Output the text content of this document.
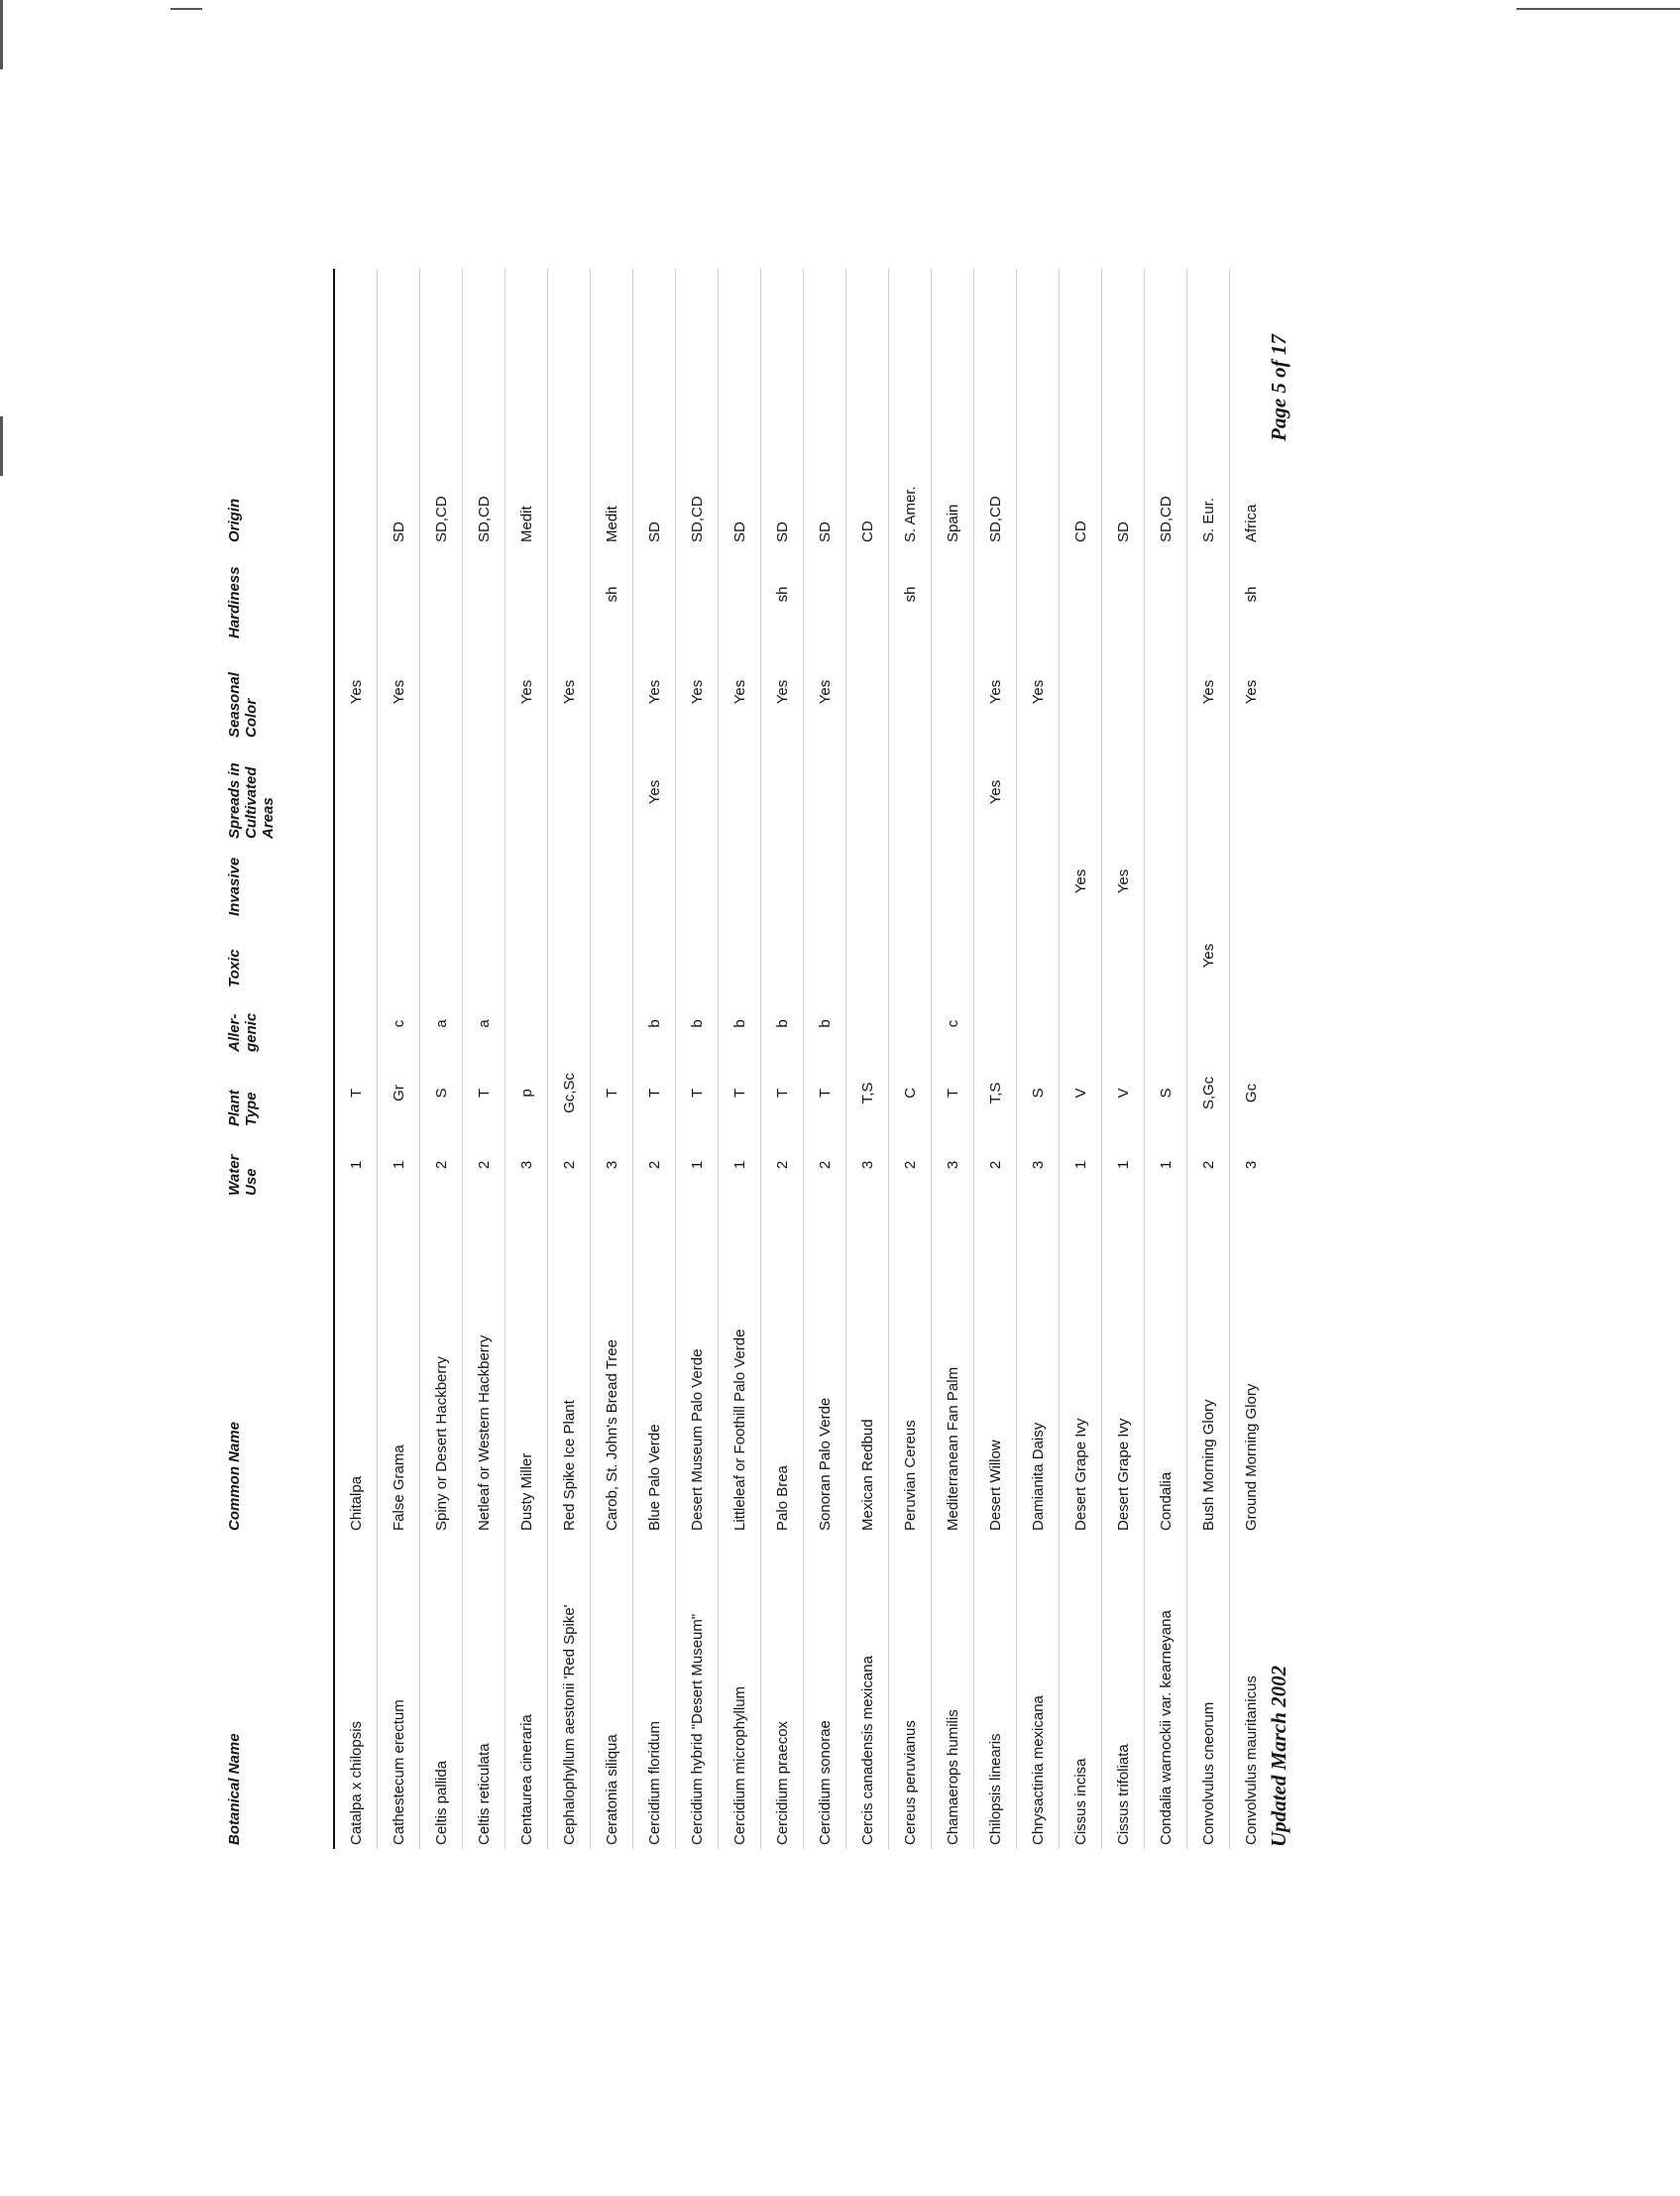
Botanical Name	Common Name	Water Use	Plant Type	Aller- genic	Toxic	Invasive	Spreads in Cultivated Areas	Seasonal Color	Hardiness	Origin
Catalpa x chilopsis	Chitalpa	1	T					Yes		
Cathestecum erectum	False Grama	1	Gr	c				Yes		SD
Celtis pallida	Spiny or Desert Hackberry	2	S	a						SD,CD
Celtis reticulata	Netleaf or Western Hackberry	2	T	a						SD,CD
Centaurea cineraria	Dusty Miller	3	p					Yes		Medit
Cephalophyllum aestonii 'Red Spike'	Red Spike Ice Plant	2	Gc,Sc					Yes		
Ceratonia siliqua	Carob, St. John's Bread Tree	3	T						sh	Medit
Cercidium floridum	Blue Palo Verde	2	T	b			Yes	Yes		SD
Cercidium hybrid "Desert Museum"	Desert Museum Palo Verde	1	T	b				Yes		SD,CD
Cercidium microphyllum	Littleleaf or Foothill Palo Verde	1	T	b				Yes		SD
Cercidium praecox	Palo Brea	2	T	b				Yes	sh	SD
Cercidium sonorae	Sonoran Palo Verde	2	T	b				Yes		SD
Cercis canadensis mexicana	Mexican Redbud	3	T,S							CD
Cereus peruvianus	Peruvian Cereus	2	C						sh	S. Amer.
Chamaerops humilis	Mediterranean Fan Palm	3	T	c						Spain
Chilopsis linearis	Desert Willow	2	T,S				Yes	Yes		SD,CD
Chrysactinia mexicana	Damianita Daisy	3	S					Yes		
Cissus incisa	Desert Grape Ivy	1	V			Yes				CD
Cissus trifoliata	Desert Grape Ivy	1	V			Yes				SD
Condalia warnockii var. kearneyana	Condalia	1	S							SD,CD
Convolvulus cneorum	Bush Morning Glory	2	S,Gc		Yes			Yes		S. Eur.
Convolvulus mauritanicus	Ground Morning Glory	3	Gc					Yes	sh	Africa
Updated March 2002
Page 5 of 17
